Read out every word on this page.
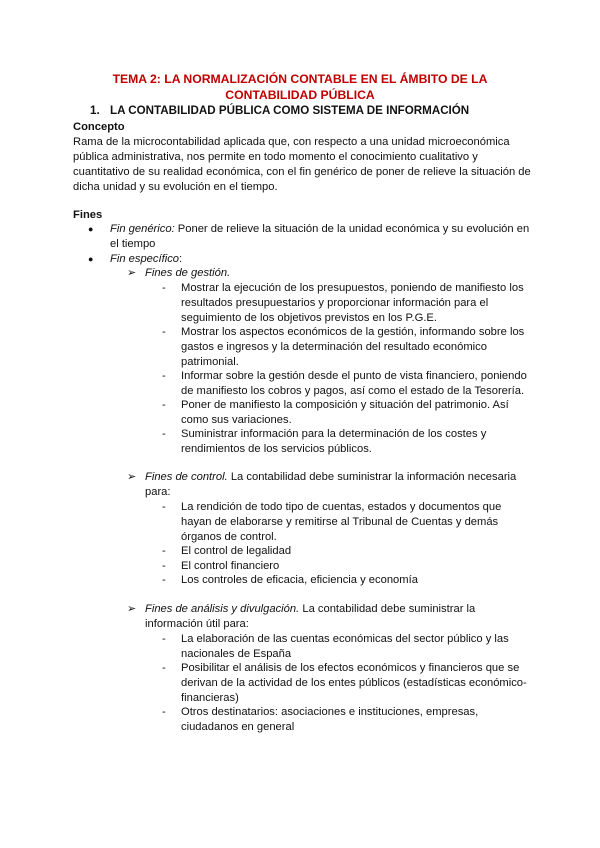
TEMA 2: LA NORMALIZACIÓN CONTABLE EN EL ÁMBITO DE LA
CONTABILIDAD PÚBLICA
1. LA CONTABILIDAD PÚBLICA COMO SISTEMA DE INFORMACIÓN
Concepto
Rama de la microcontabilidad aplicada que, con respecto a una unidad microeconómica pública administrativa, nos permite en todo momento el conocimiento cualitativo y cuantitativo de su realidad económica, con el fin genérico de poner de relieve la situación de dicha unidad y su evolución en el tiempo.
Fines
● Fin genérico: Poner de relieve la situación de la unidad económica y su evolución en el tiempo
● Fin específico:
➢ Fines de gestión.
- Mostrar la ejecución de los presupuestos, poniendo de manifiesto los resultados presupuestarios y proporcionar información para el seguimiento de los objetivos previstos en los P.G.E.
- Mostrar los aspectos económicos de la gestión, informando sobre los gastos e ingresos y la determinación del resultado económico patrimonial.
- Informar sobre la gestión desde el punto de vista financiero, poniendo de manifiesto los cobros y pagos, así como el estado de la Tesorería.
- Poner de manifiesto la composición y situación del patrimonio. Así como sus variaciones.
- Suministrar información para la determinación de los costes y rendimientos de los servicios públicos.
➢ Fines de control. La contabilidad debe suministrar la información necesaria para:
- La rendición de todo tipo de cuentas, estados y documentos que hayan de elaborarse y remitirse al Tribunal de Cuentas y demás órganos de control.
- El control de legalidad
- El control financiero
- Los controles de eficacia, eficiencia y economía
➢ Fines de análisis y divulgación. La contabilidad debe suministrar la información útil para:
- La elaboración de las cuentas económicas del sector público y las nacionales de España
- Posibilitar el análisis de los efectos económicos y financieros que se derivan de la actividad de los entes públicos (estadísticas económico-financieras)
- Otros destinatarios: asociaciones e instituciones, empresas, ciudadanos en general
